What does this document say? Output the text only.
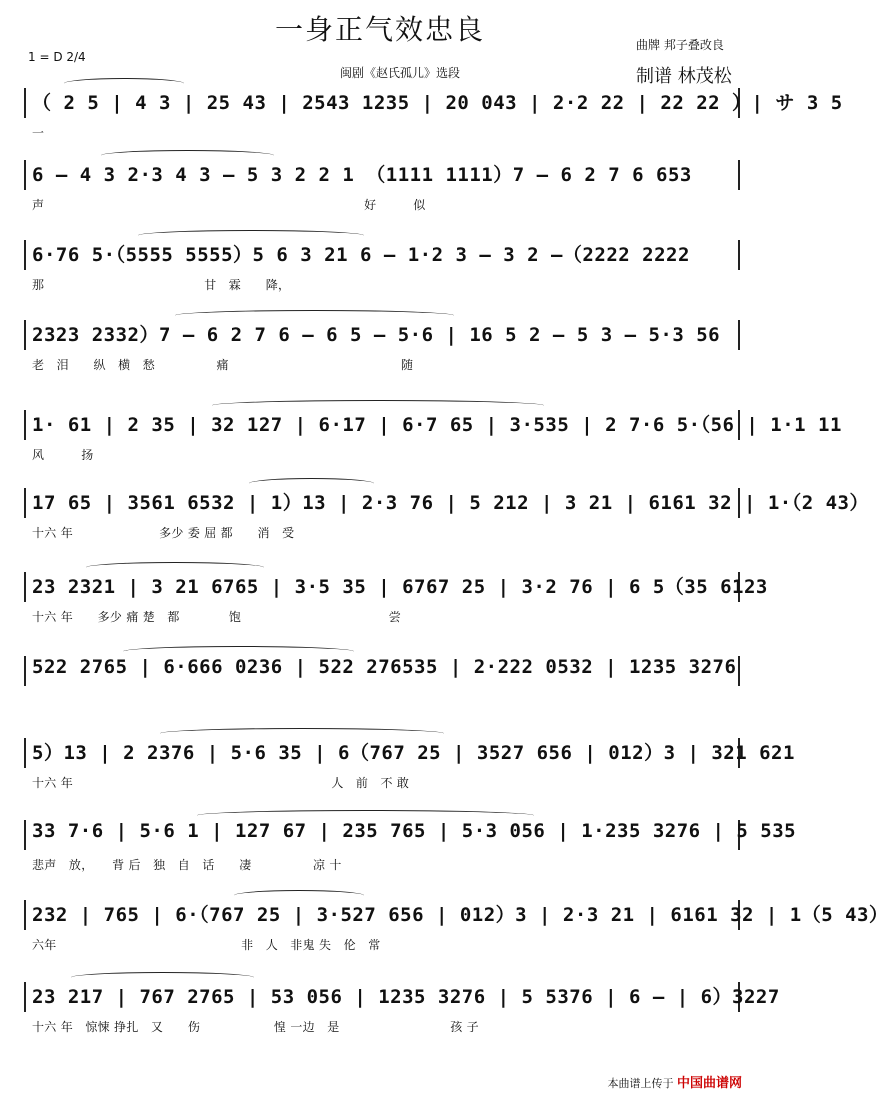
一身正气效忠良
1 = D 2/4
闽剧《赵氏孤儿》选段
曲牌 邦子叠改良
制谱 林茂松
（ 2 5 | 4 3 | 25 43 | 2543 1235 | 20 043 | 2·2 22 | 22 22 ）| サ 3 5
一
6 — 4 3 2·3 4 3 — 5 3 2 2 1 （1111 1111）7 — 6 2 7 6 653
声　　　　　　　　　　　　　　　　　　　　　　　　　　好　　　似
6·76 5·（5555 5555）5 6 3 21 6 — 1·2 3 — 3 2 —（2222 2222
那　　　　　　　　　　　　　甘　霖　　降，
2323 2332）7 — 6 2 7 6 — 6 5 — 5·6 | 16 5 2 — 5 3 — 5·3 56
老　泪　　纵　横　愁　　　　　痛　　　　　　　　　　　　　　随
1· 61 | 2 35 | 32 127 | 6·17 | 6·7 65 | 3·535 | 2 7·6 5·（56 | 1·1 11
风　　　扬
17 65 | 3561 6532 | 1）13 | 2·3 76 | 5 212 | 3 21 | 6161 32 | 1·（2 43）
十六 年　　　　　　　多少 委 屈 都　　消　受
23 2321 | 3 21 6765 | 3·5 35 | 6767 25 | 3·2 76 | 6 5（35 6123
十六 年　　多少 痛 楚　都　　　　饱　　　　　　　　　　　　尝
522 2765 | 6·666 0236 | 522 276535 | 2·222 0532 | 1235 3276
5）13 | 2 2376 | 5·6 35 | 6（767 25 | 3527 656 | 012）3 | 321 621
十六 年　　　　　　　　　　　　　　　　　　　　　人　前　不 敢
33 7·6 | 5·6 1 | 127 67 | 235 765 | 5·3 056 | 1·235 3276 | 5 535
悲声　放，　　背 后　独　自　话　　凄　　　　　凉 十
232 | 765 | 6·（767 25 | 3·527 656 | 012）3 | 2·3 21 | 6161 32 | 1（5 43）
六年　　　　　　　　　　　　　　　非　人　非鬼 失　伦　常
23 217 | 767 2765 | 53 056 | 1235 3276 | 5 5376 | 6 — | 6）3227
十六 年　惊悚 挣扎　又　　伤　　　　　　惶 一边　是　　　　　　　　　孩 子
本曲谱上传于 中国曲谱网
